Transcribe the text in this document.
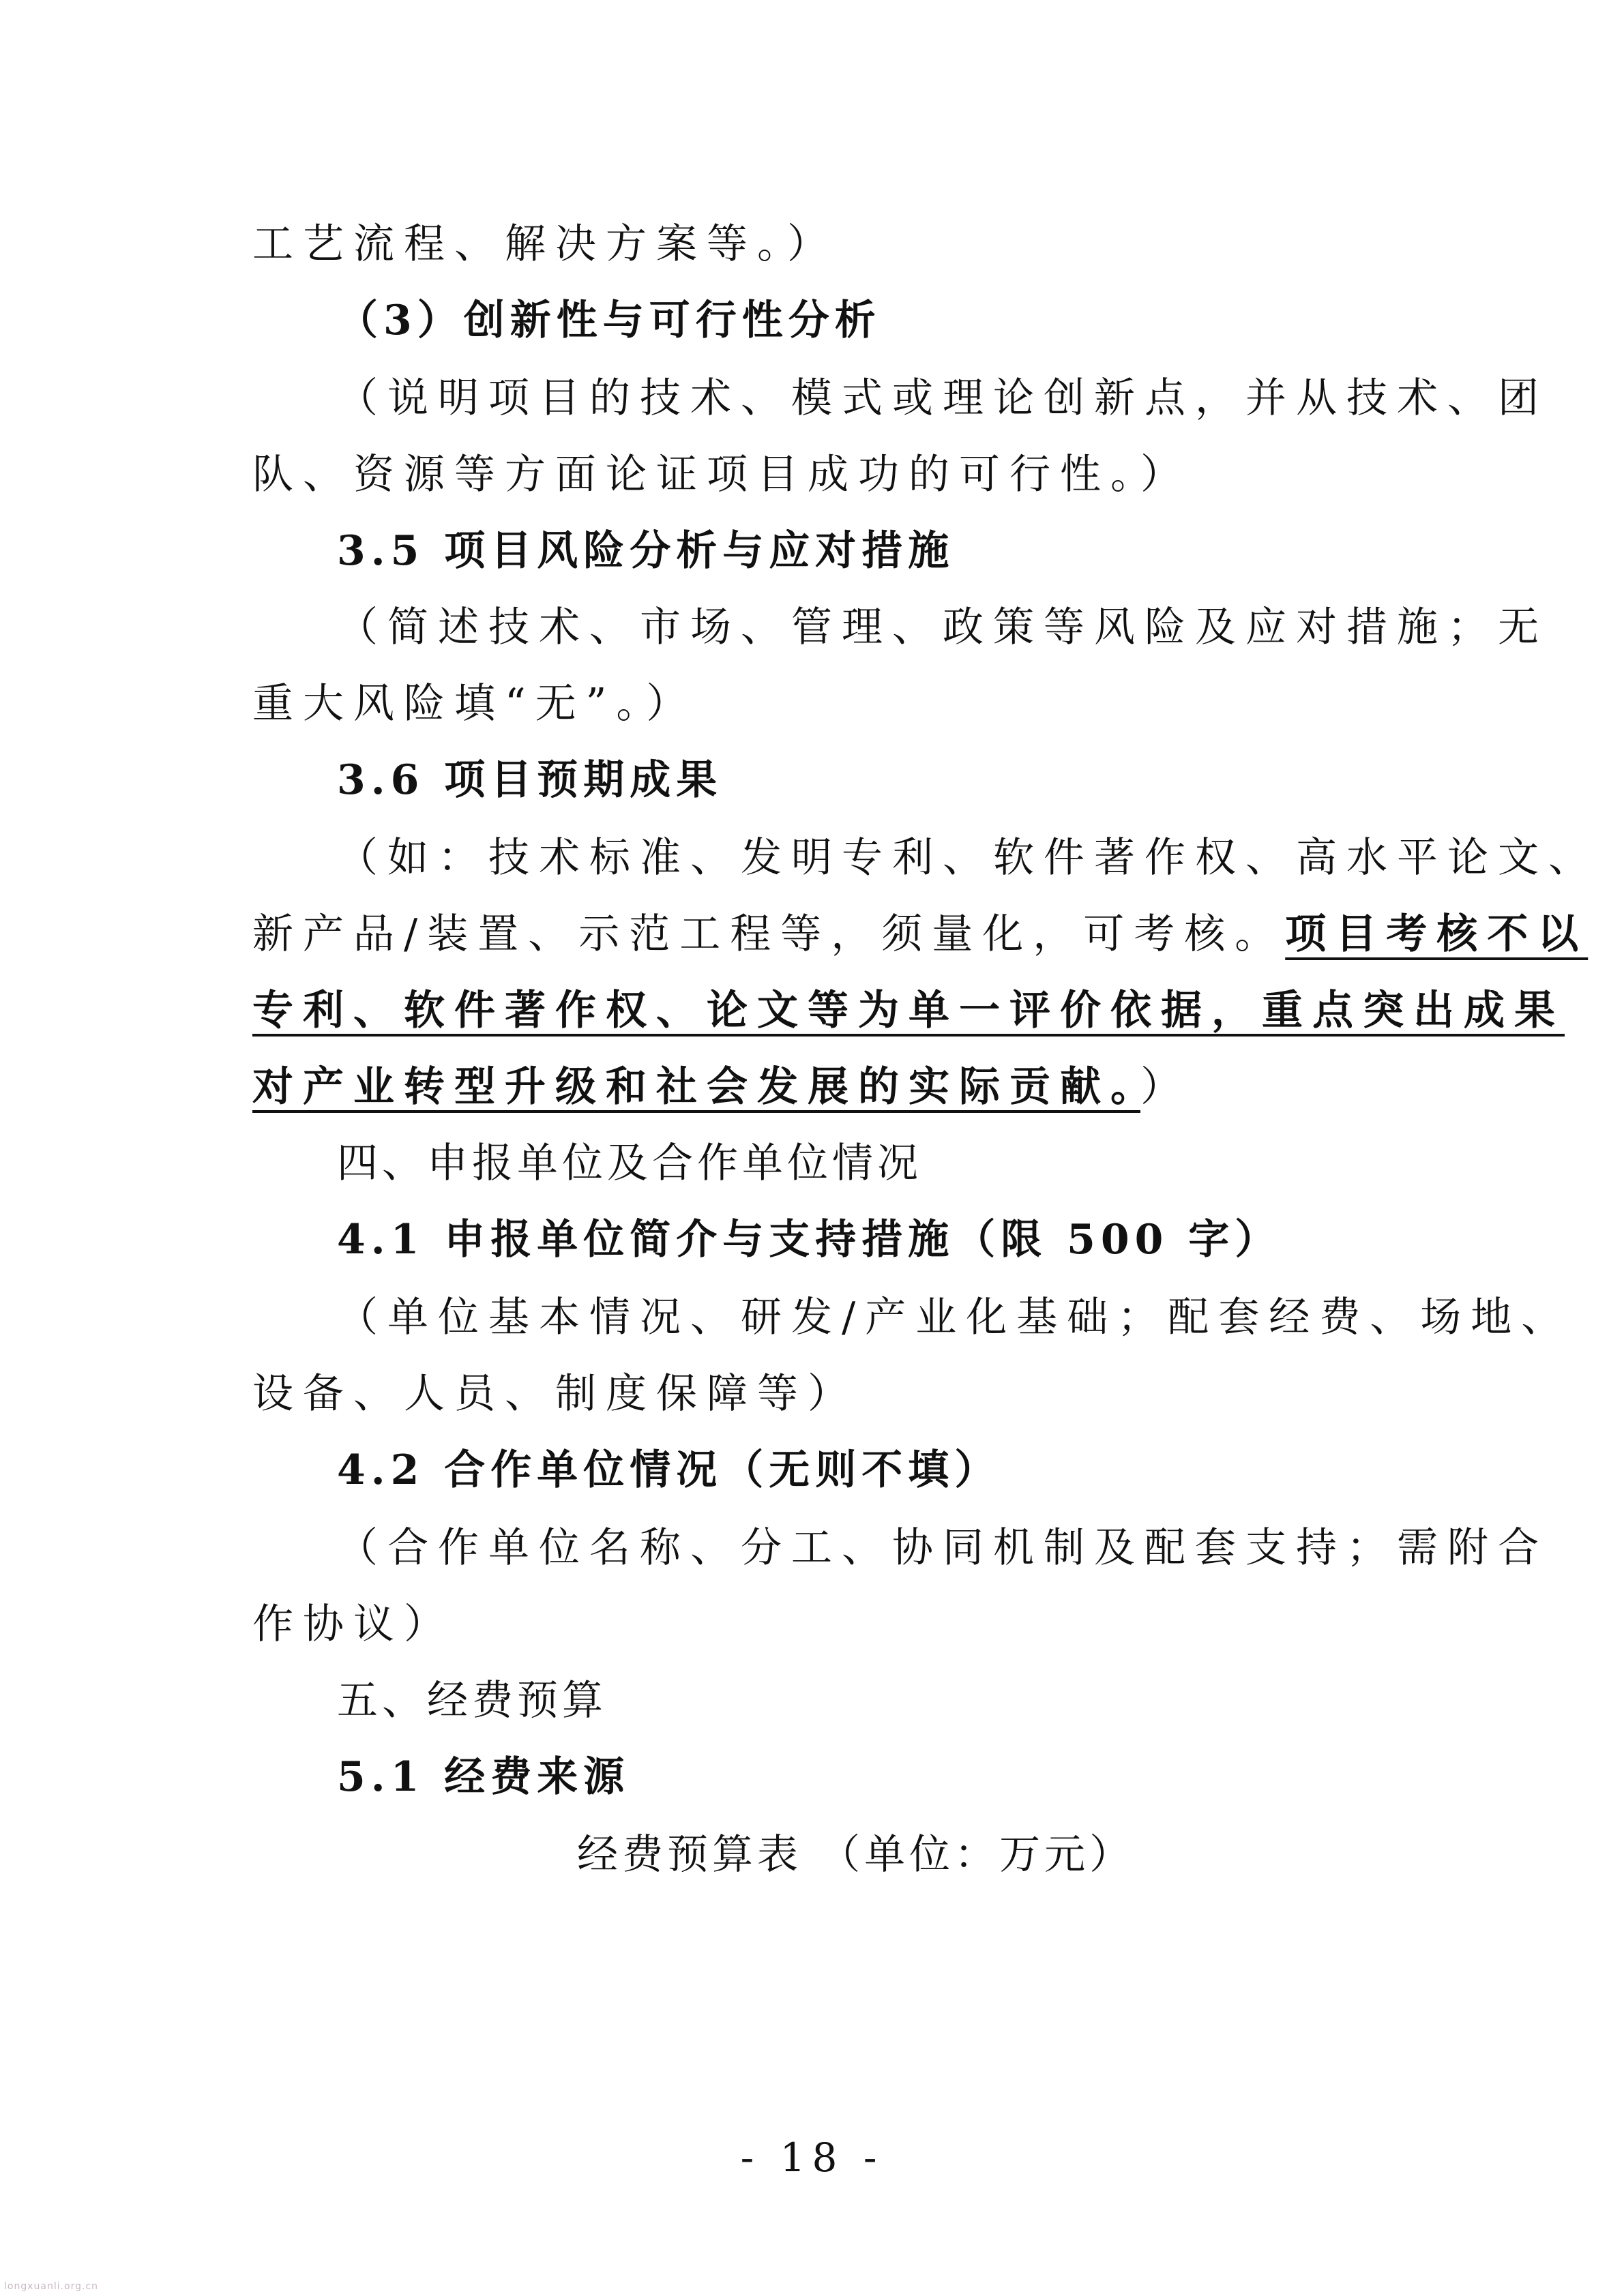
工艺流程、解决方案等。）

（3）创新性与可行性分析

（说明项目的技术、模式或理论创新点，并从技术、团

队、资源等方面论证项目成功的可行性。）

3.5 项目风险分析与应对措施

（简述技术、市场、管理、政策等风险及应对措施；无

重大风险填“无”。）

3.6 项目预期成果

（如：技术标准、发明专利、软件著作权、高水平论文、

新产品/装置、示范工程等，须量化，可考核。项目考核不以

专利、软件著作权、论文等为单一评价依据，重点突出成果

对产业转型升级和社会发展的实际贡献。）

四、申报单位及合作单位情况

4.1 申报单位简介与支持措施（限 500 字）

（单位基本情况、研发/产业化基础；配套经费、场地、

设备、人员、制度保障等）

4.2 合作单位情况（无则不填）

（合作单位名称、分工、协同机制及配套支持；需附合

作协议）

五、经费预算

5.1 经费来源

经费预算表 （单位：万元）

- 18 -

longxuanli.org.cn
